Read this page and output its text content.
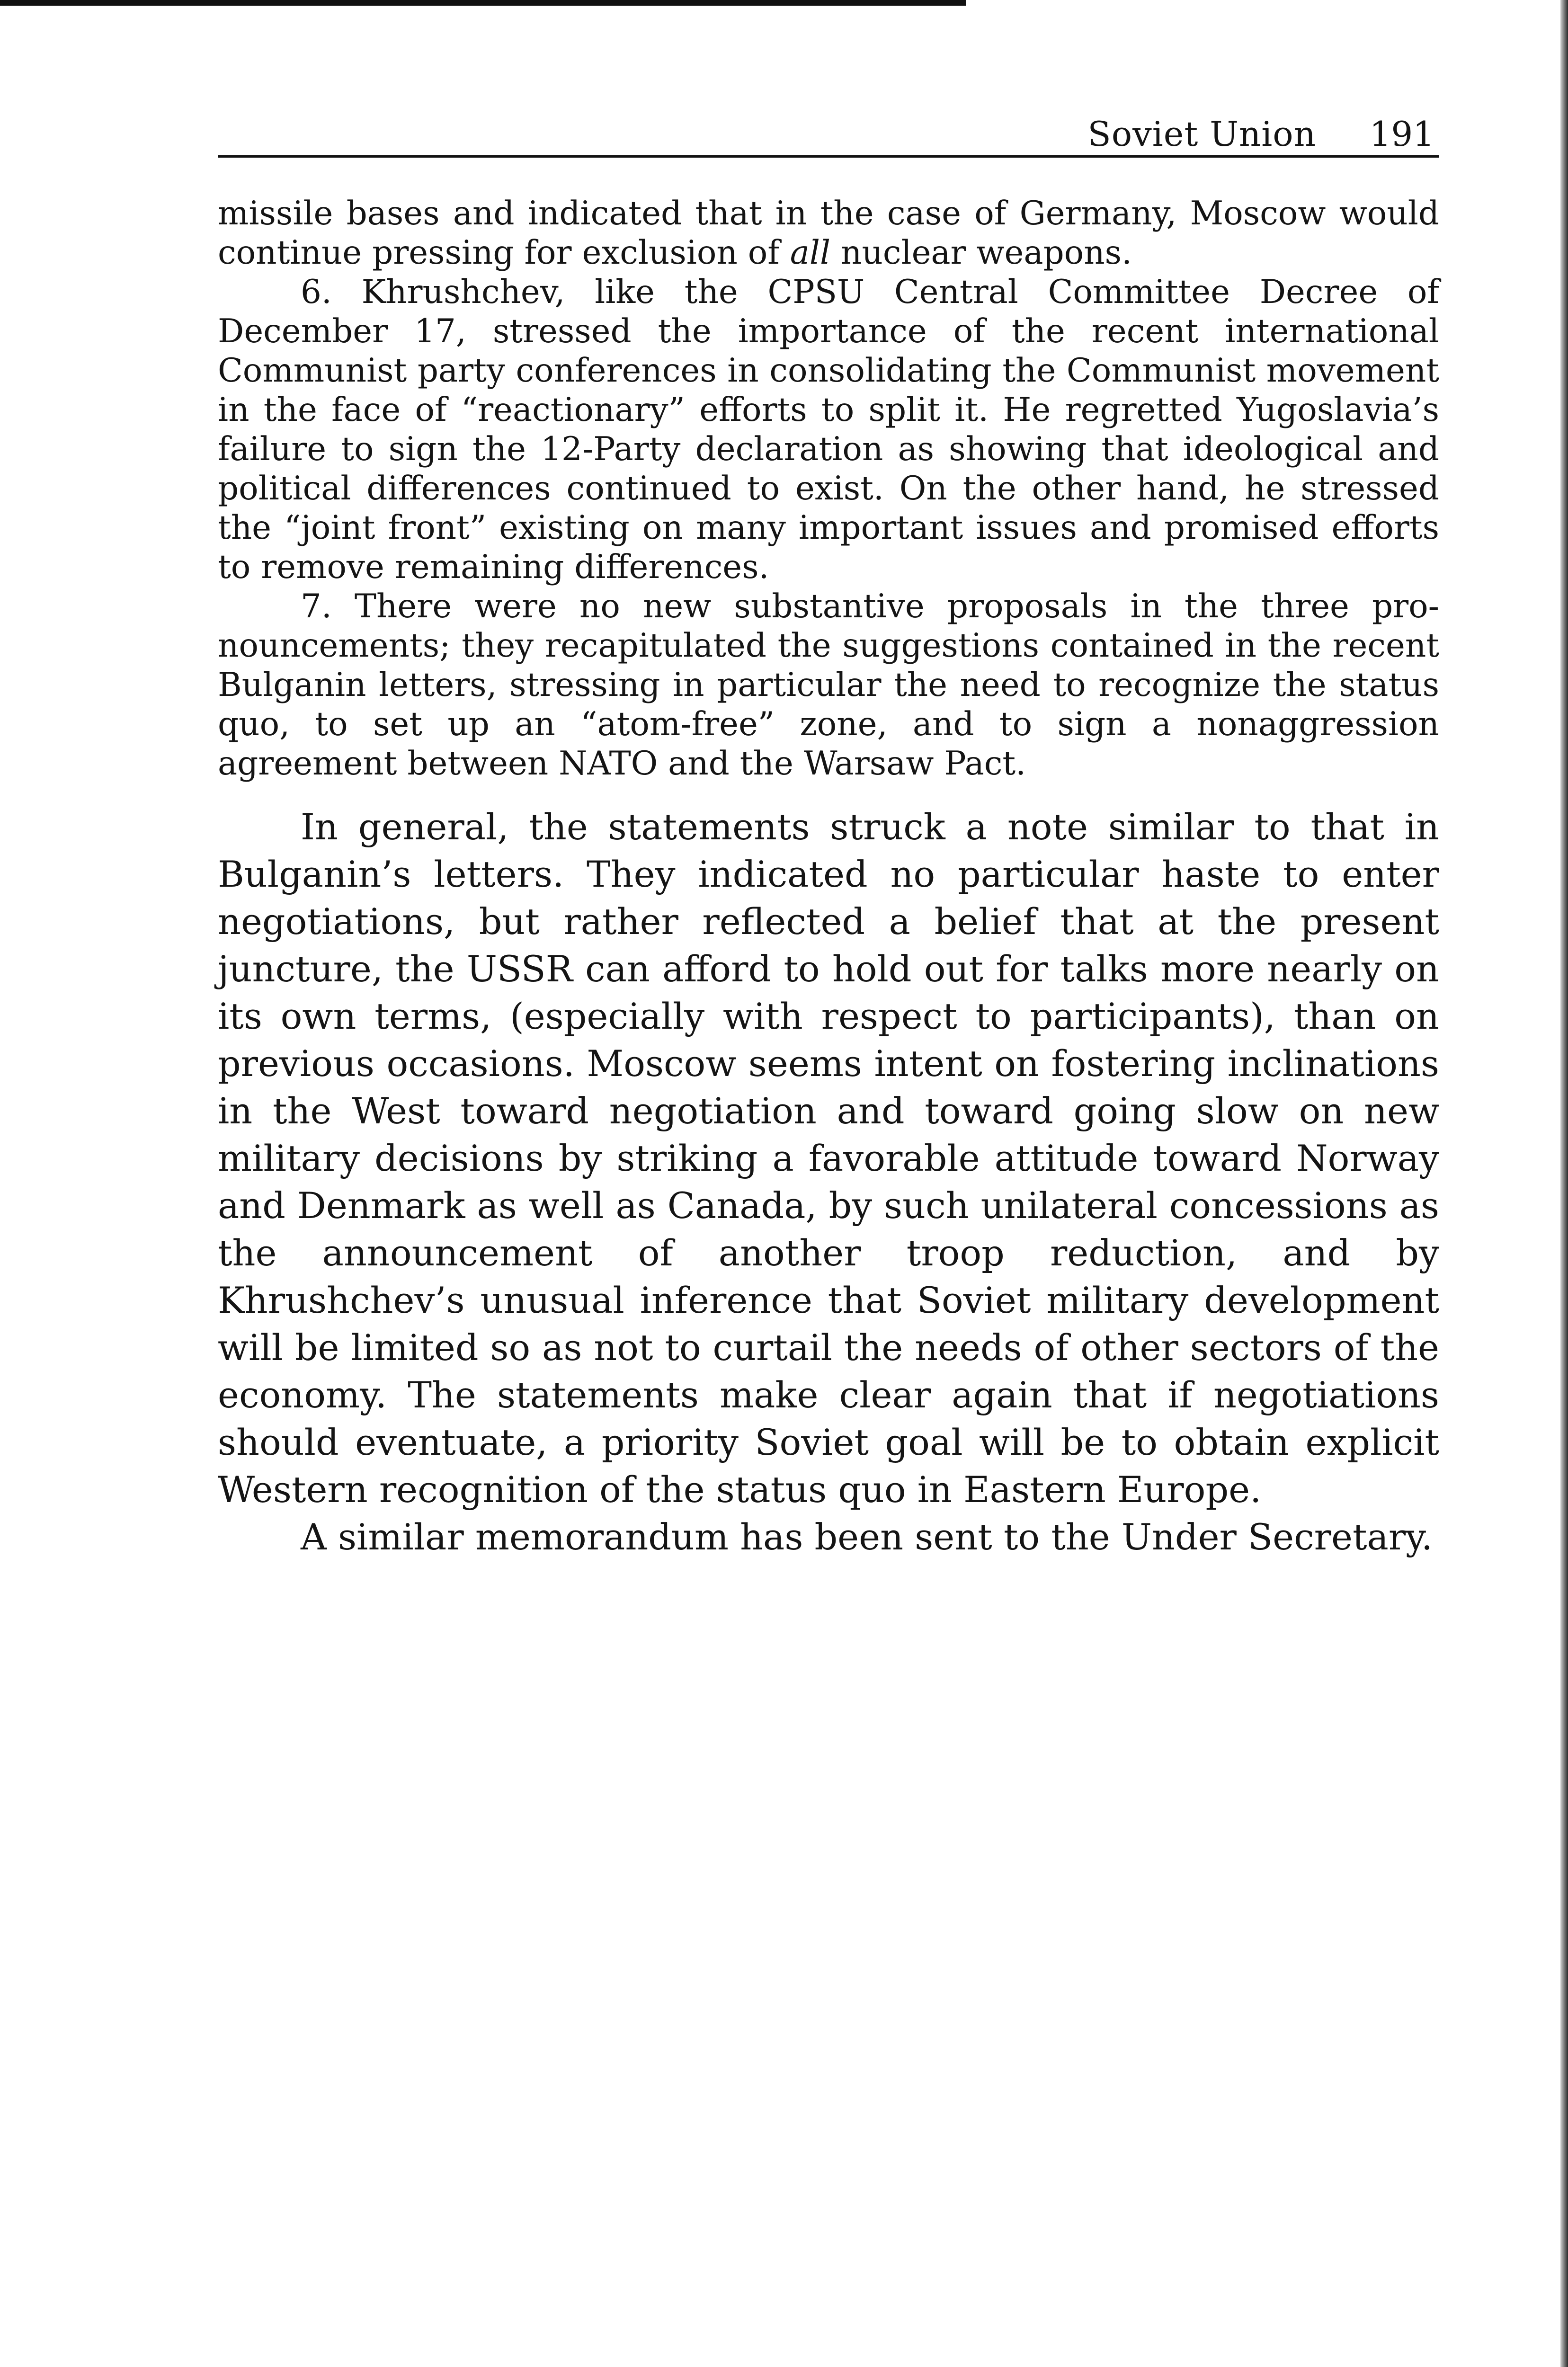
Soviet Union 191

missile bases and indicated that in the case of Germany, Moscow would continue pressing for exclusion of all nuclear weapons.

6. Khrushchev, like the CPSU Central Committee Decree of December 17, stressed the importance of the recent international Communist party conferences in consolidating the Communist movement in the face of “reactionary” efforts to split it. He regretted Yugoslavia’s failure to sign the 12-Party declaration as showing that ideological and political differences continued to exist. On the other hand, he stressed the “joint front” existing on many important issues and promised efforts to remove remaining differences.

7. There were no new substantive proposals in the three pronouncements; they recapitulated the suggestions contained in the recent Bulganin letters, stressing in particular the need to recognize the status quo, to set up an “atom-free” zone, and to sign a nonaggression agreement between NATO and the Warsaw Pact.

In general, the statements struck a note similar to that in Bulganin’s letters. They indicated no particular haste to enter negotiations, but rather reflected a belief that at the present juncture, the USSR can afford to hold out for talks more nearly on its own terms, (especially with respect to participants), than on previous occasions. Moscow seems intent on fostering inclinations in the West toward negotiation and toward going slow on new military decisions by striking a favorable attitude toward Norway and Denmark as well as Canada, by such unilateral concessions as the announcement of another troop reduction, and by Khrushchev’s unusual inference that Soviet military development will be limited so as not to curtail the needs of other sectors of the economy. The statements make clear again that if negotiations should eventuate, a priority Soviet goal will be to obtain explicit Western recognition of the status quo in Eastern Europe.

A similar memorandum has been sent to the Under Secretary.
